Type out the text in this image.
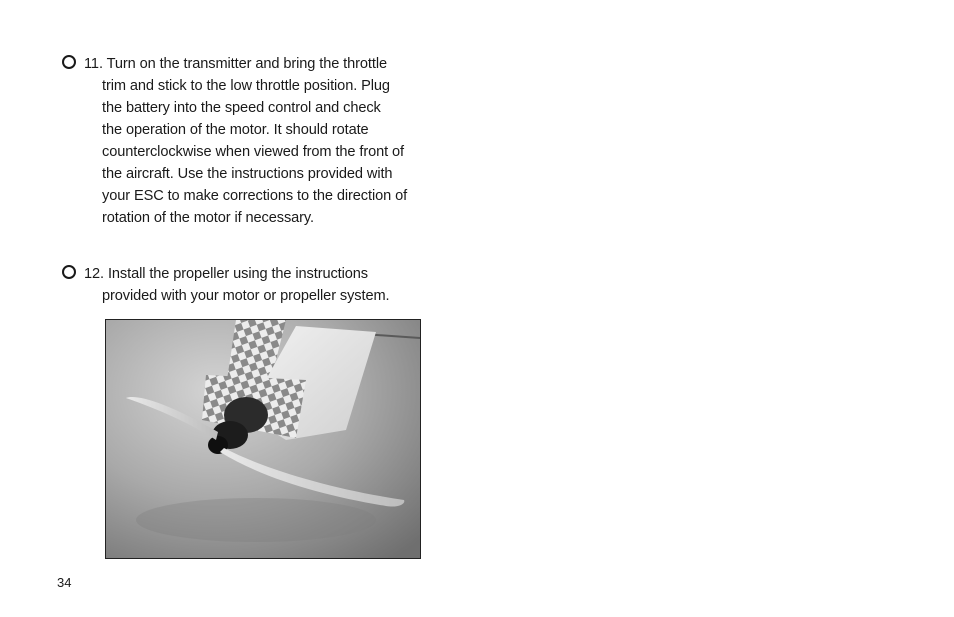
11. Turn on the transmitter and bring the throttle
trim and stick to the low throttle position. Plug
the battery into the speed control and check
the operation of the motor. It should rotate
counterclockwise when viewed from the front of
the aircraft. Use the instructions provided with
your ESC to make corrections to the direction of
rotation of the motor if necessary.
12. Install the propeller using the instructions
provided with your motor or propeller system.
34
